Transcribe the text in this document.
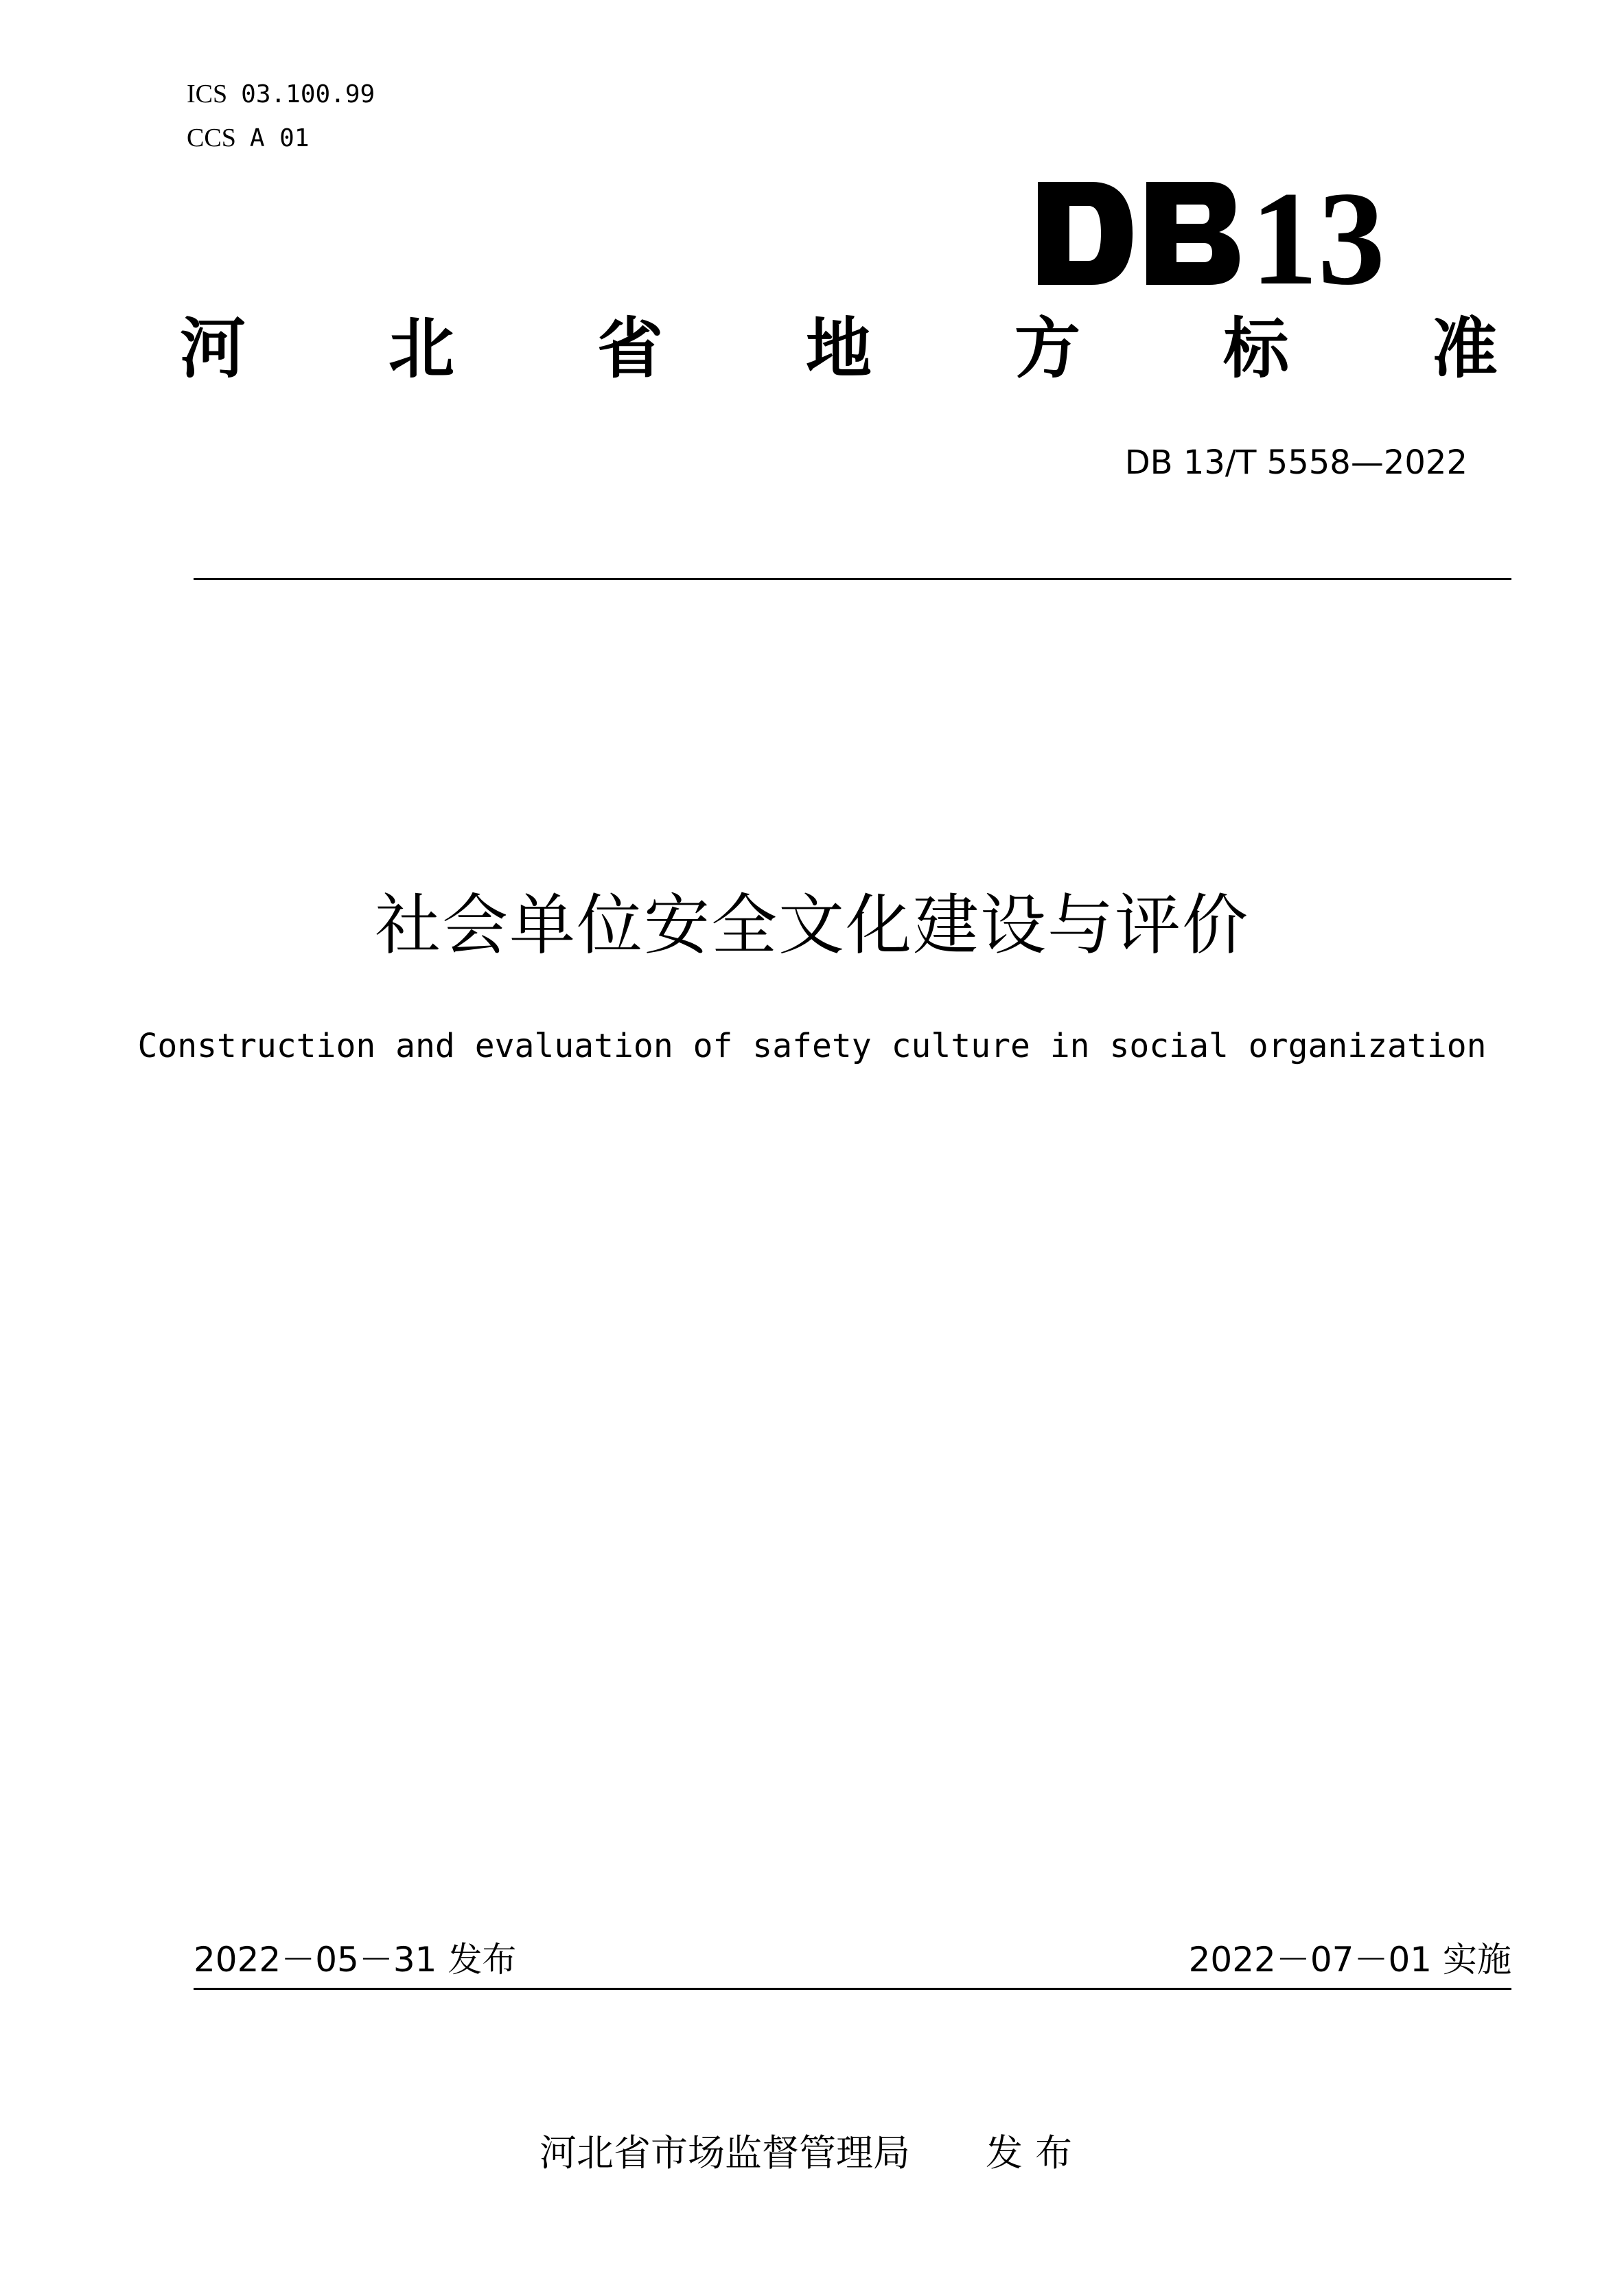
ICS 03.100.99
CCS A 01
13
河 北 省 地 方 标 准
DB 13/T 5558—2022
社会单位安全文化建设与评价
Construction and evaluation of safety culture in social organization
2022－05－31 发布	2022－07－01 实施
河北省市场监督管理局 发布
